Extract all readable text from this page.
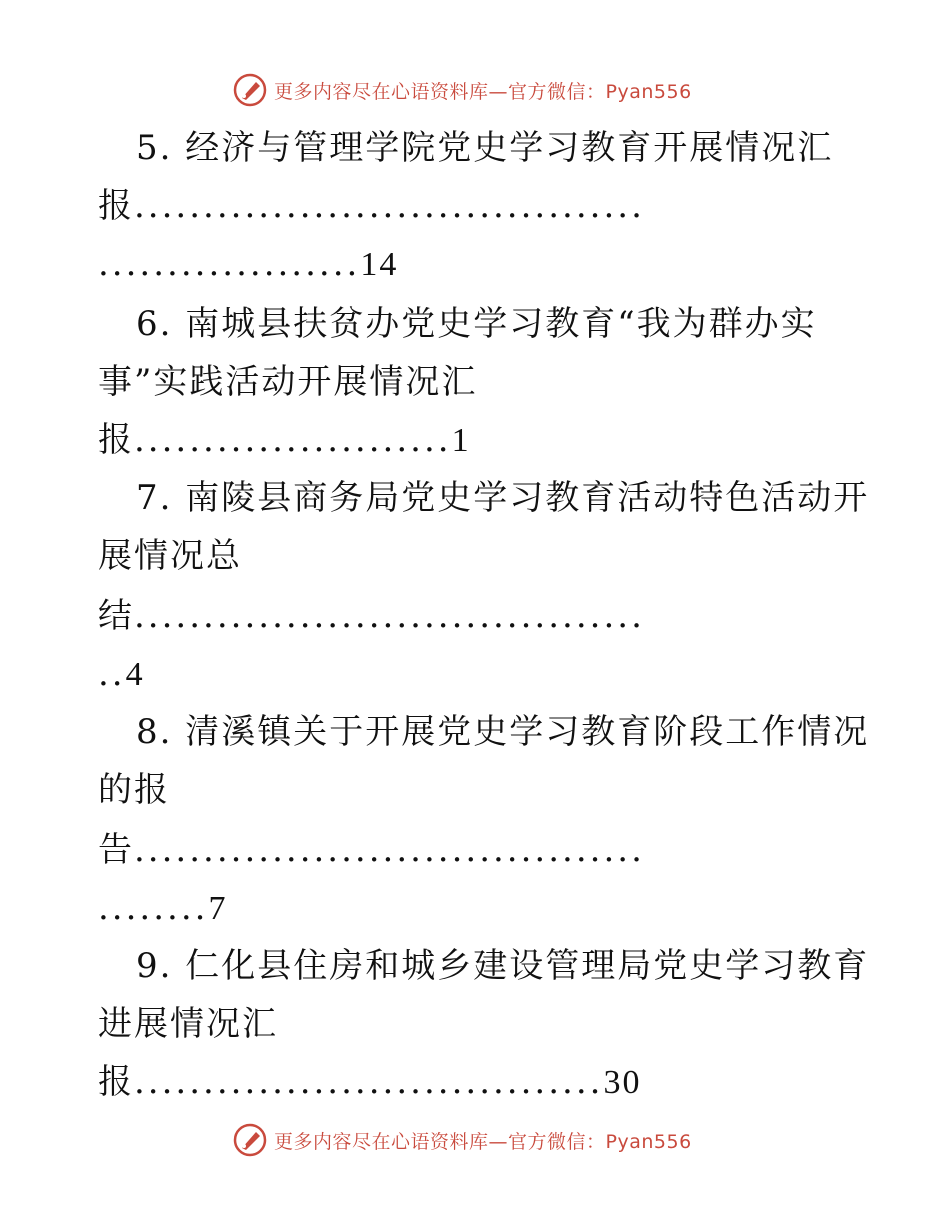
更多内容尽在心语资料库—官方微信：Pyan556
5. 经济与管理学院党史学习教育开展情况汇
报.....................................
...................14
6. 南城县扶贫办党史学习教育“我为群办实
事”实践活动开展情况汇
报.......................1
7. 南陵县商务局党史学习教育活动特色活动开
展情况总
结.....................................
..4
8. 清溪镇关于开展党史学习教育阶段工作情况
的报
告.....................................
........7
9. 仁化县住房和城乡建设管理局党史学习教育
进展情况汇
报..................................30
更多内容尽在心语资料库—官方微信：Pyan556
